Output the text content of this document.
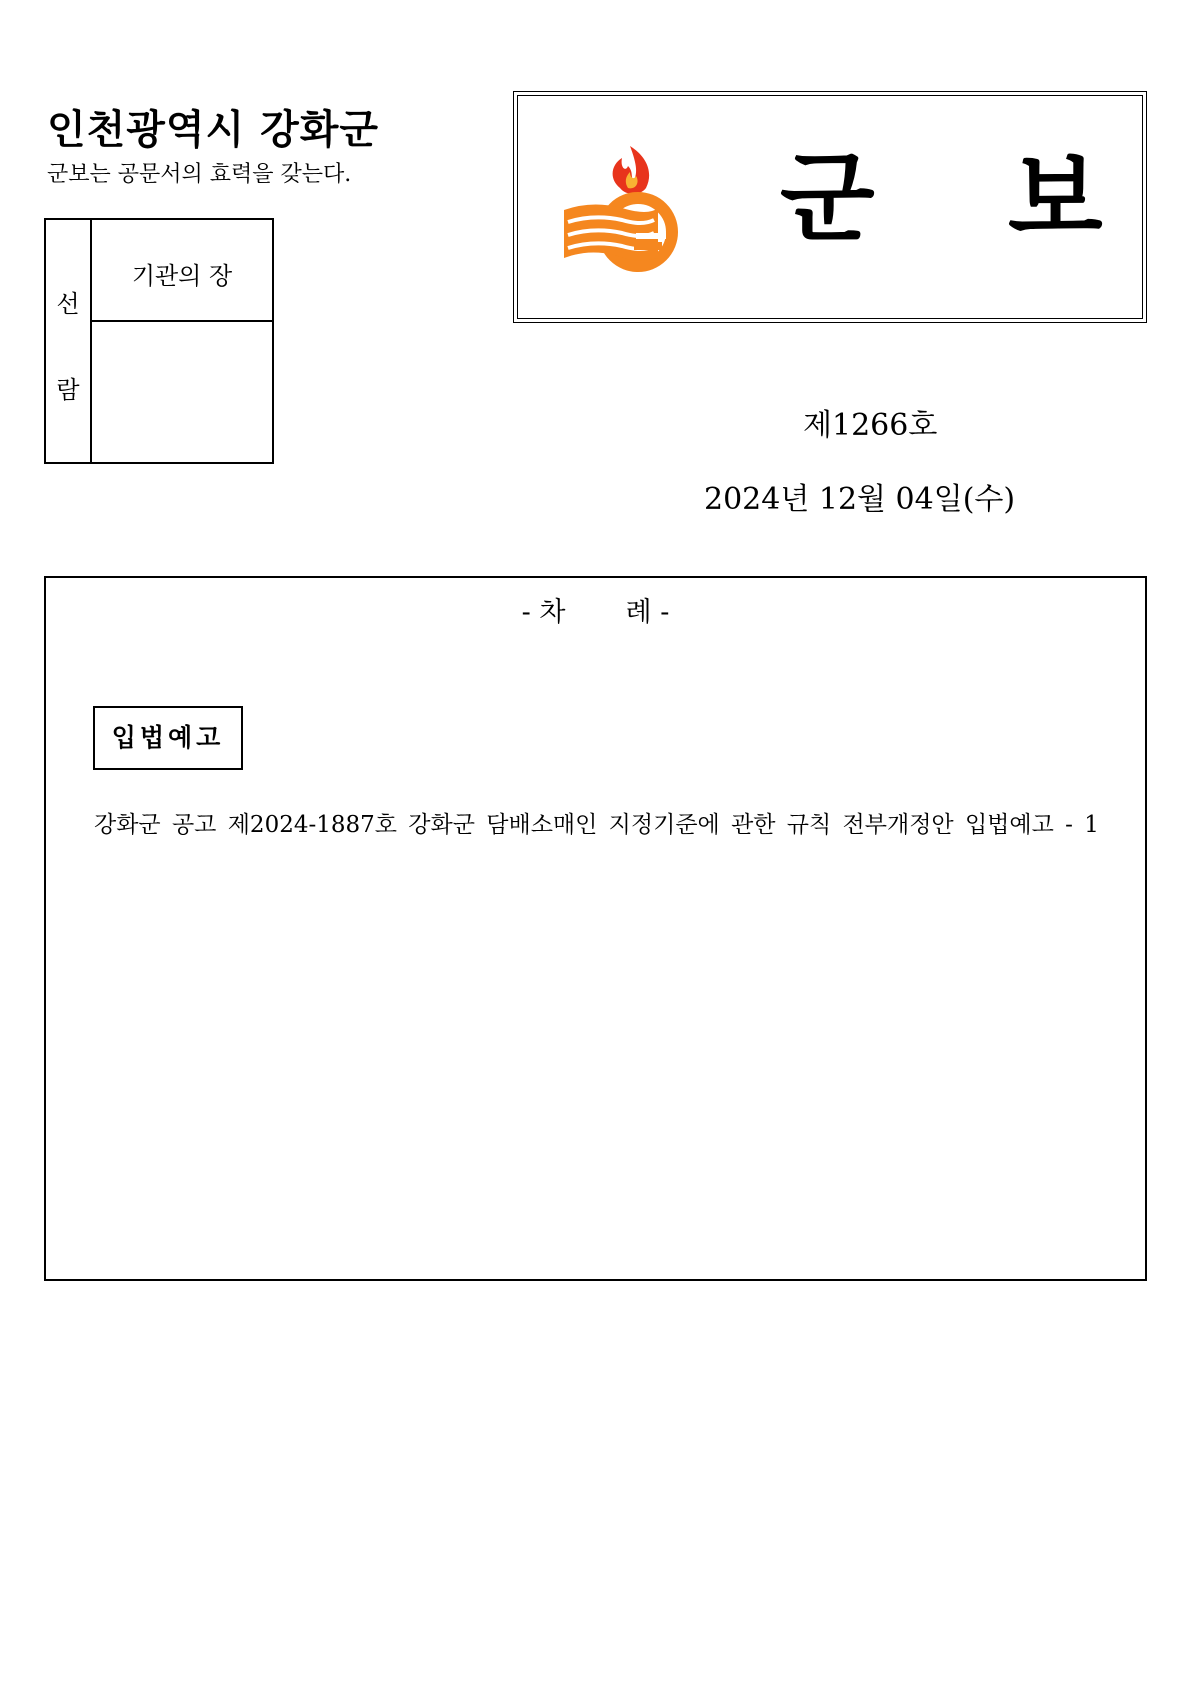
인천광역시 강화군
군보는 공문서의 효력을 갖는다.
선
람
기관의 장
군 보
제1266호
2024년 12월 04일(수)
- 차       례 -
입법예고
강화군 공고 제2024-1887호 강화군 담배소매인 지정기준에 관한 규칙 전부개정안 입법예고 - 1
